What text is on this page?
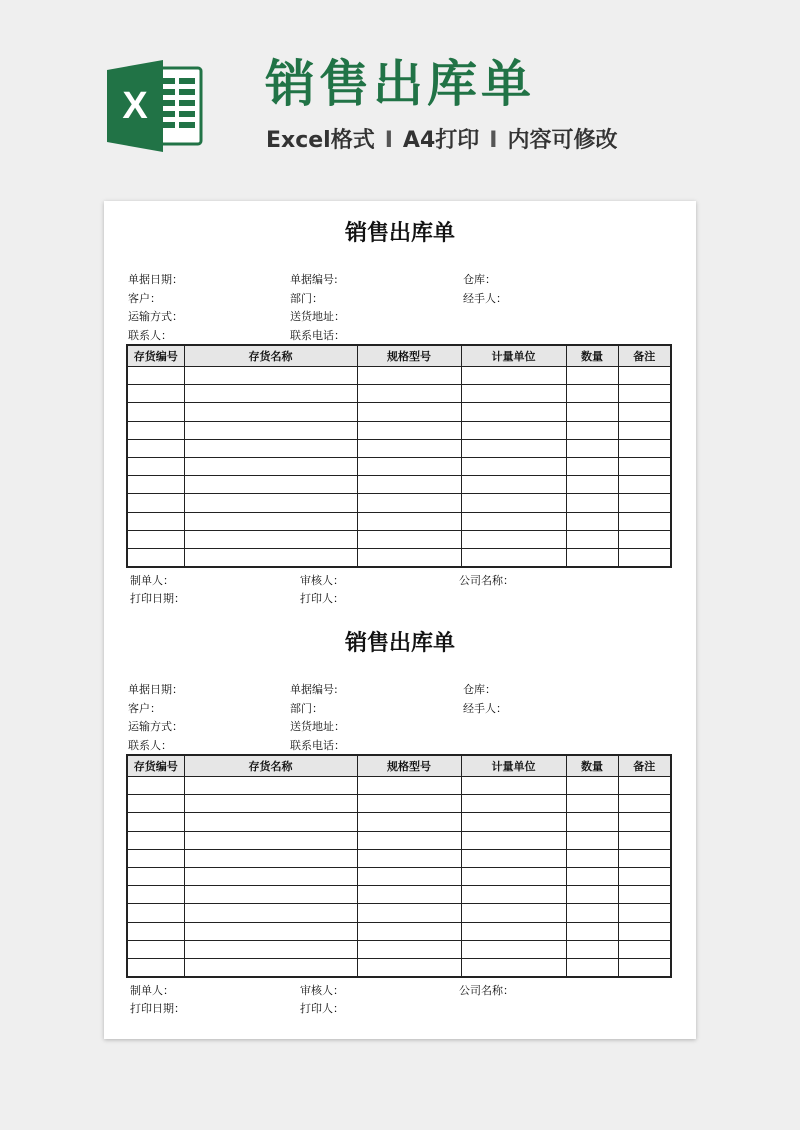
X 销售出库单
Excel格式 I A4打印 I 内容可修改
销售出库单
单据日期：	单据编号:	仓库：
客户：	部门：	经手人：
运输方式：	送货地址：
联系人：	联系电话：
存货编号	存货名称	规格型号	计量单位	数量	备注

制单人：	审核人：	公司名称：
打印日期：	打印人：
销售出库单
单据日期：	单据编号:	仓库：
客户：	部门：	经手人：
运输方式：	送货地址：
联系人：	联系电话：
存货编号	存货名称	规格型号	计量单位	数量	备注

制单人：	审核人：	公司名称：
打印日期：	打印人：
